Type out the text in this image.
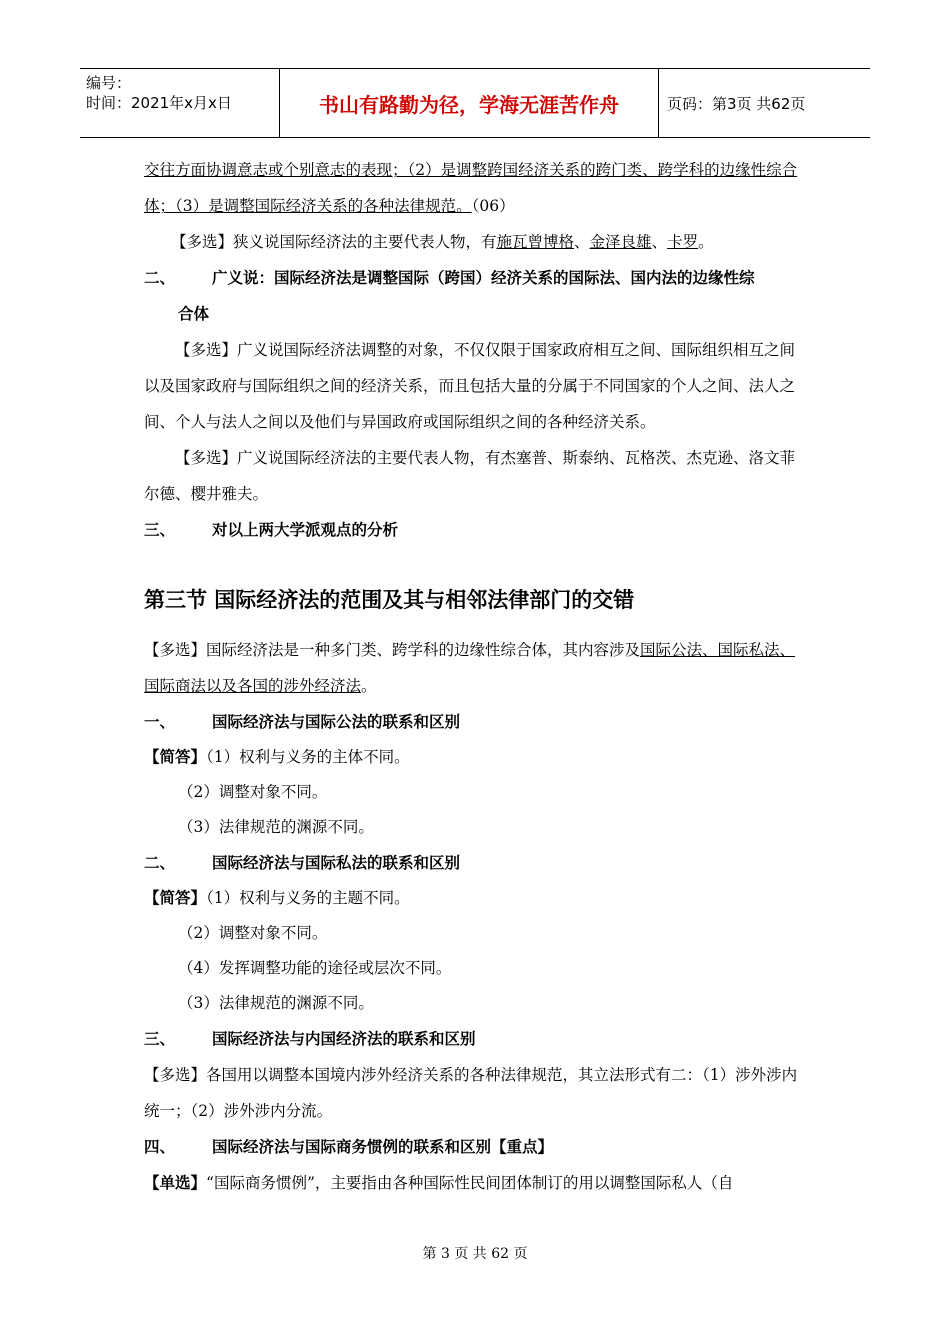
编号：
时间：2021年x月x日	书山有路勤为径，学海无涯苦作舟	页码：第3页 共62页

交往方面协调意志或个别意志的表现；（2）是调整跨国经济关系的跨门类、跨学科的边缘性综合体；（3）是调整国际经济关系的各种法律规范。（06）

【多选】狭义说国际经济法的主要代表人物，有施瓦曾博格、金泽良雄、卡罗。

二、	广义说：国际经济法是调整国际（跨国）经济关系的国际法、国内法的边缘性综
合体

【多选】广义说国际经济法调整的对象，不仅仅限于国家政府相互之间、国际组织相互之间以及国家政府与国际组织之间的经济关系，而且包括大量的分属于不同国家的个人之间、法人之间、个人与法人之间以及他们与异国政府或国际组织之间的各种经济关系。

【多选】广义说国际经济法的主要代表人物，有杰塞普、斯泰纳、瓦格茨、杰克逊、洛文菲尔德、樱井雅夫。

三、	对以上两大学派观点的分析
第三节 国际经济法的范围及其与相邻法律部门的交错

【多选】国际经济法是一种多门类、跨学科的边缘性综合体，其内容涉及国际公法、国际私法、国际商法以及各国的涉外经济法。

一、	国际经济法与国际公法的联系和区别

【简答】（1）权利与义务的主体不同。

（2）调整对象不同。

（3）法律规范的渊源不同。

二、	国际经济法与国际私法的联系和区别

【简答】（1）权利与义务的主题不同。

（2）调整对象不同。

（4）发挥调整功能的途径或层次不同。

（3）法律规范的渊源不同。

三、	国际经济法与内国经济法的联系和区别

【多选】各国用以调整本国境内涉外经济关系的各种法律规范，其立法形式有二：（1）涉外涉内统一；（2）涉外涉内分流。

四、	国际经济法与国际商务惯例的联系和区别【重点】

【单选】“国际商务惯例”，主要指由各种国际性民间团体制订的用以调整国际私人（自

第 3 页 共 62 页
